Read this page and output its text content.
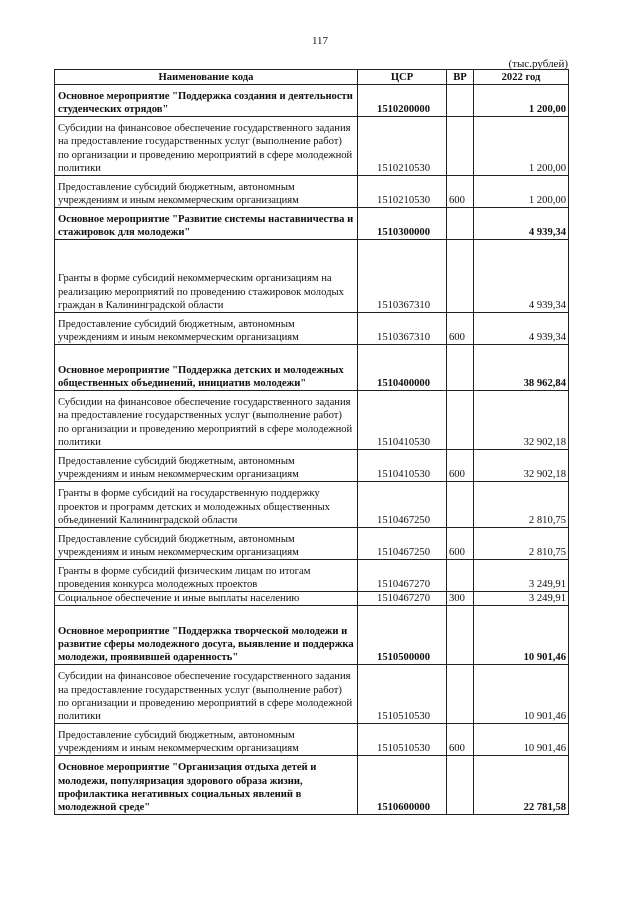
117
(тыс.рублей)
Наименование кода	ЦСР	ВР	2022 год
Основное мероприятие "Поддержка создания и деятельности студенческих отрядов"	1510200000		1 200,00
Субсидии на финансовое обеспечение государственного задания на предоставление государственных услуг (выполнение работ) по организации и проведению мероприятий в сфере молодежной политики	1510210530		1 200,00
Предоставление субсидий бюджетным, автономным учреждениям и иным некоммерческим организациям	1510210530	600	1 200,00
Основное мероприятие "Развитие системы наставничества и стажировок для молодежи"	1510300000		4 939,34
Гранты в форме субсидий некоммерческим организациям на реализацию мероприятий по проведению стажировок молодых граждан в Калининградской области	1510367310		4 939,34
Предоставление субсидий бюджетным, автономным учреждениям и иным некоммерческим организациям	1510367310	600	4 939,34
Основное мероприятие "Поддержка детских и молодежных общественных объединений, инициатив молодежи"	1510400000		38 962,84
Субсидии на финансовое обеспечение государственного задания на предоставление государственных услуг (выполнение работ) по организации и проведению мероприятий в сфере молодежной политики	1510410530		32 902,18
Предоставление субсидий бюджетным, автономным учреждениям и иным некоммерческим организациям	1510410530	600	32 902,18
Гранты в форме субсидий на государственную поддержку проектов и программ детских и молодежных общественных объединений Калининградской области	1510467250		2 810,75
Предоставление субсидий бюджетным, автономным учреждениям и иным некоммерческим организациям	1510467250	600	2 810,75
Гранты в форме субсидий физическим лицам по итогам проведения конкурса молодежных проектов	1510467270		3 249,91
Социальное обеспечение и иные выплаты населению	1510467270	300	3 249,91
Основное мероприятие "Поддержка творческой молодежи и развитие сферы молодежного досуга, выявление и поддержка молодежи, проявившей одаренность"	1510500000		10 901,46
Субсидии на финансовое обеспечение государственного задания на предоставление государственных услуг (выполнение работ) по организации и проведению мероприятий в сфере молодежной политики	1510510530		10 901,46
Предоставление субсидий бюджетным, автономным учреждениям и иным некоммерческим организациям	1510510530	600	10 901,46
Основное мероприятие "Организация отдыха детей и молодежи, популяризация здорового образа жизни, профилактика негативных социальных явлений в молодежной среде"	1510600000		22 781,58
